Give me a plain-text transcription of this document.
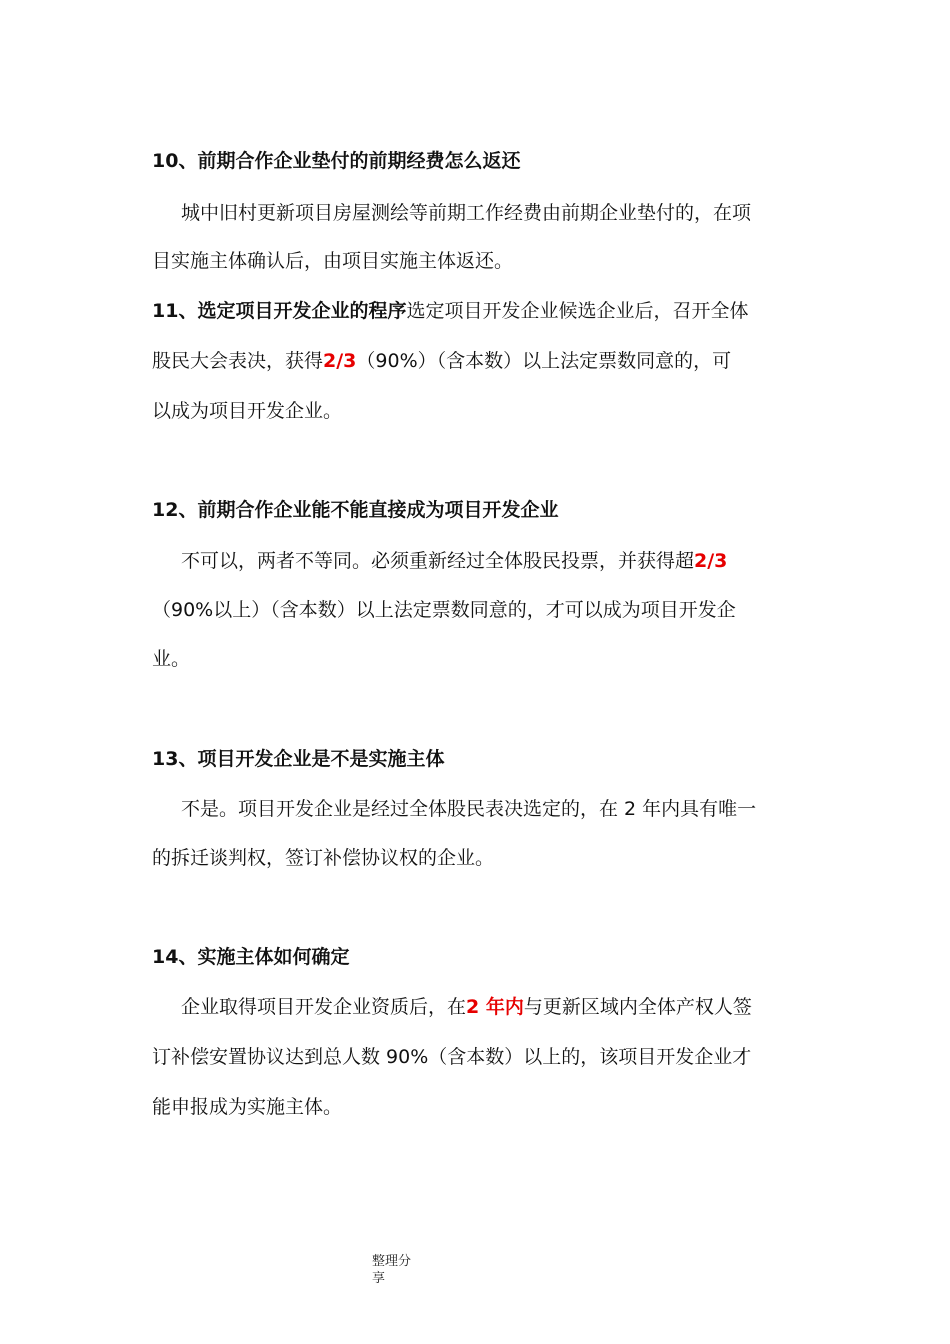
10、前期合作企业垫付的前期经费怎么返还
城中旧村更新项目房屋测绘等前期工作经费由前期企业垫付的，在项
目实施主体确认后，由项目实施主体返还。
11、选定项目开发企业的程序选定项目开发企业候选企业后，召开全体
股民大会表决，获得2/3（90%）（含本数）以上法定票数同意的，可
以成为项目开发企业。
12、前期合作企业能不能直接成为项目开发企业
不可以，两者不等同。必须重新经过全体股民投票，并获得超2/3
（90%以上）（含本数）以上法定票数同意的，才可以成为项目开发企
业。
13、项目开发企业是不是实施主体
不是。项目开发企业是经过全体股民表决选定的，在 2 年内具有唯一
的拆迁谈判权，签订补偿协议权的企业。
14、实施主体如何确定
企业取得项目开发企业资质后，在2 年内与更新区域内全体产权人签
订补偿安置协议达到总人数 90%（含本数）以上的，该项目开发企业才
能申报成为实施主体。
整理分
享
